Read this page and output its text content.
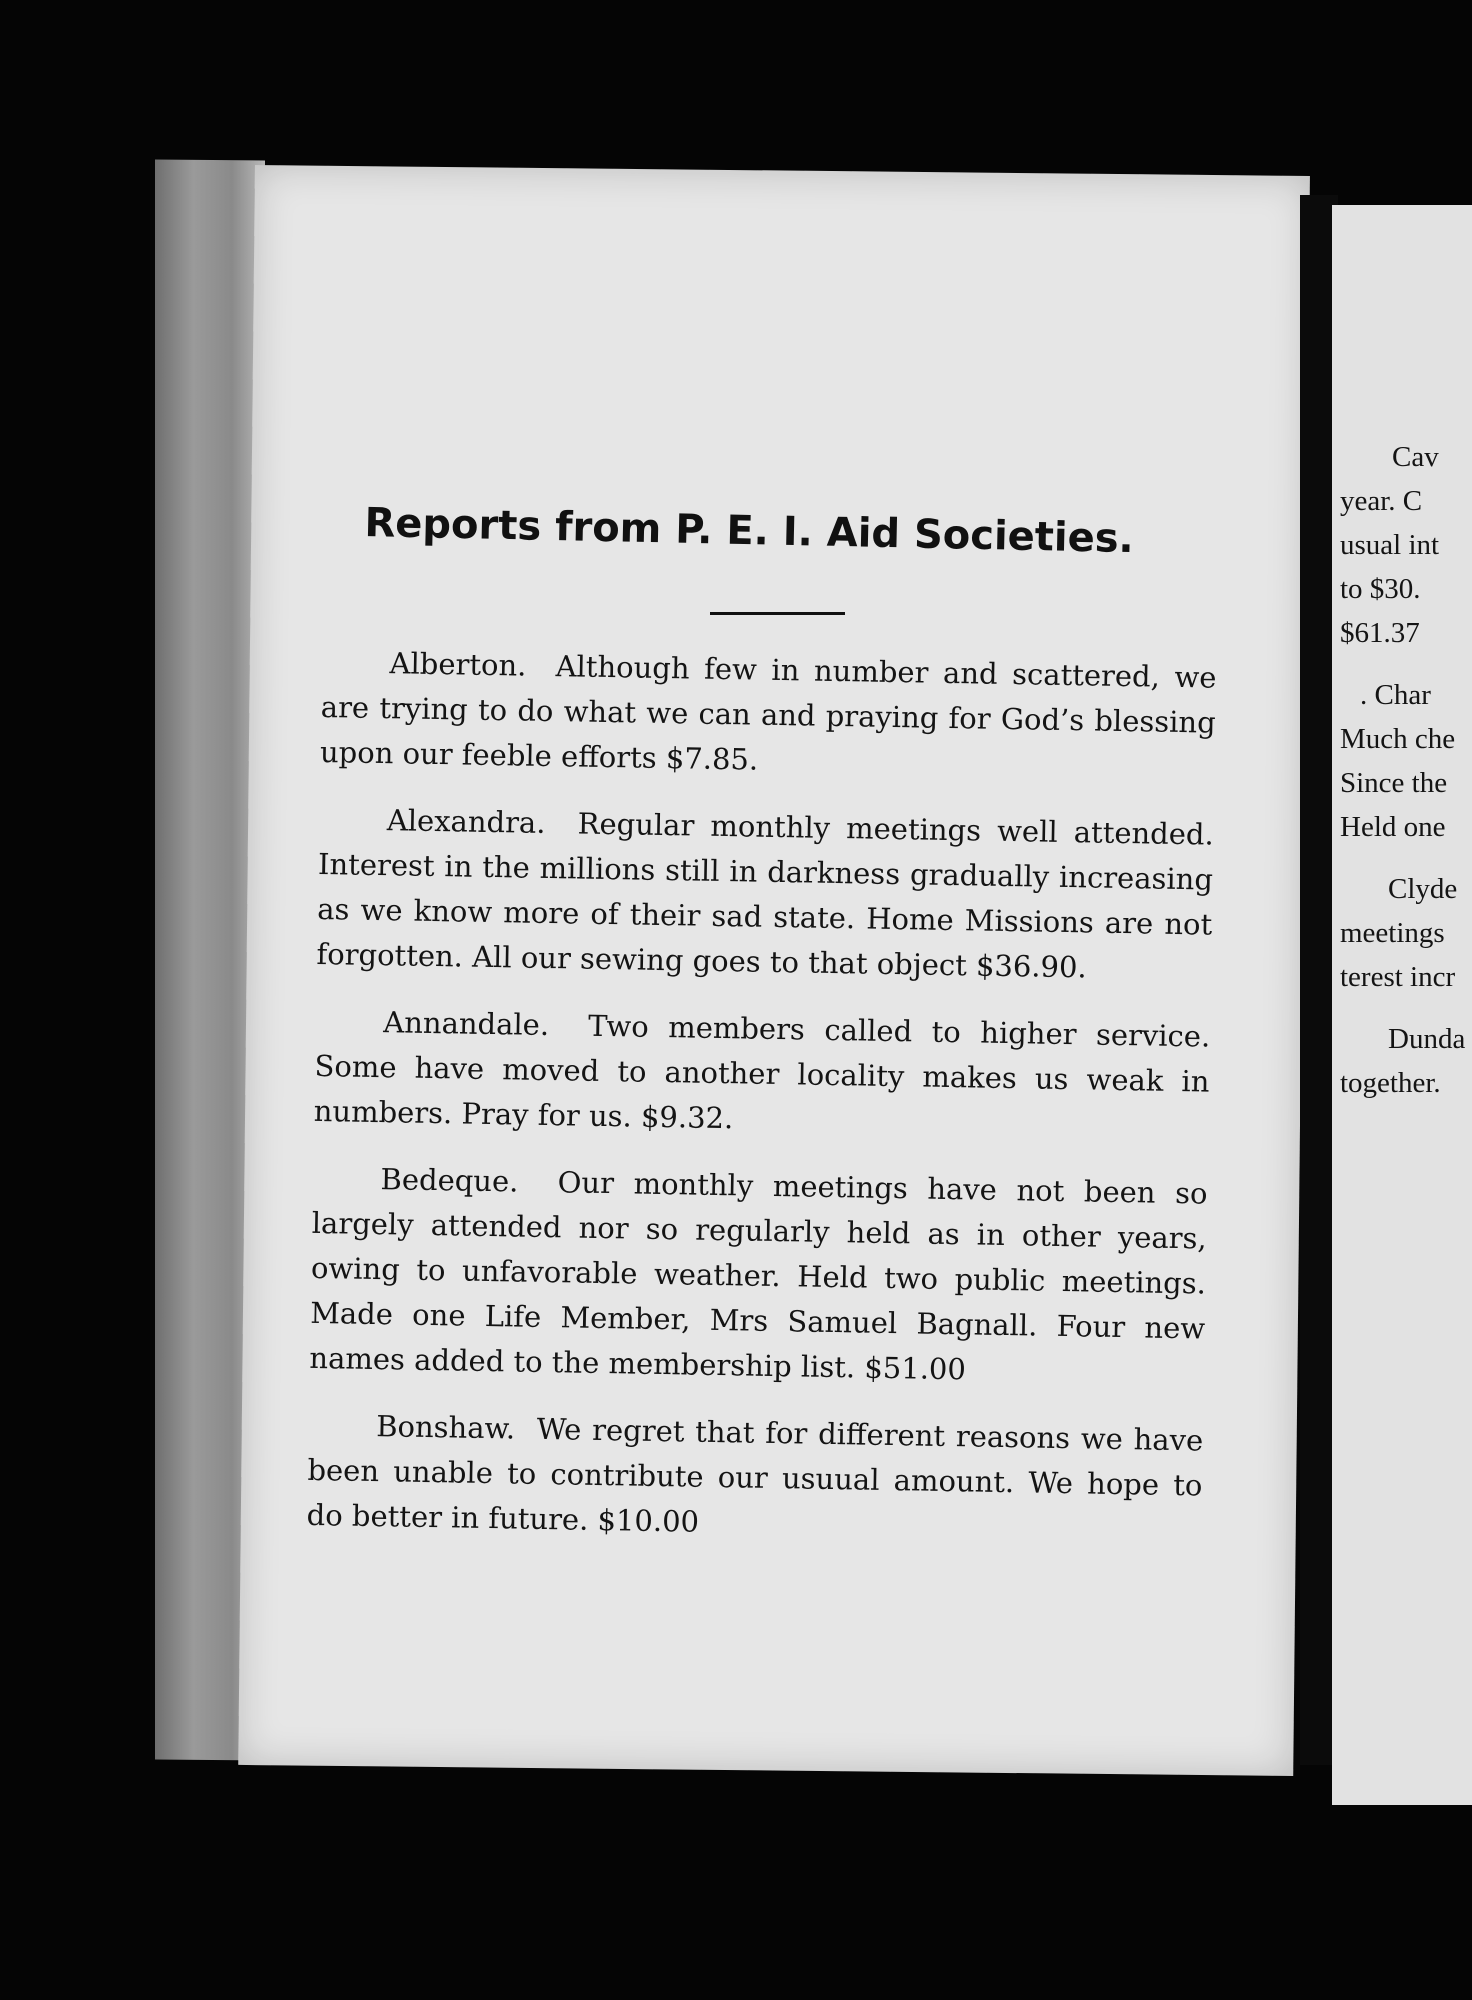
Reports from P. E. I. Aid Societies.

Alberton. Although few in number and scattered, we are trying to do what we can and praying for God’s blessing upon our feeble efforts $7.85.

Alexandra. Regular monthly meetings well attended. Interest in the millions still in darkness gradually increasing as we know more of their sad state. Home Missions are not forgotten. All our sewing goes to that object $36.90.

Annandale. Two members called to higher service. Some have moved to another locality makes us weak in numbers. Pray for us. $9.32.

Bedeque. Our monthly meetings have not been so largely attended nor so regularly held as in other years, owing to unfavorable weather. Held two public meetings. Made one Life Member, Mrs Samuel Bagnall. Four new names added to the membership list. $51.00

Bonshaw. We regret that for different reasons we have been unable to contribute our usuual amount. We hope to do better in future. $10.00

Cav
year. C
usual int
to $30.
$61.37
. Char
Much che
Since the
Held one
Clyde
meetings
terest incr
Dunda
together.
